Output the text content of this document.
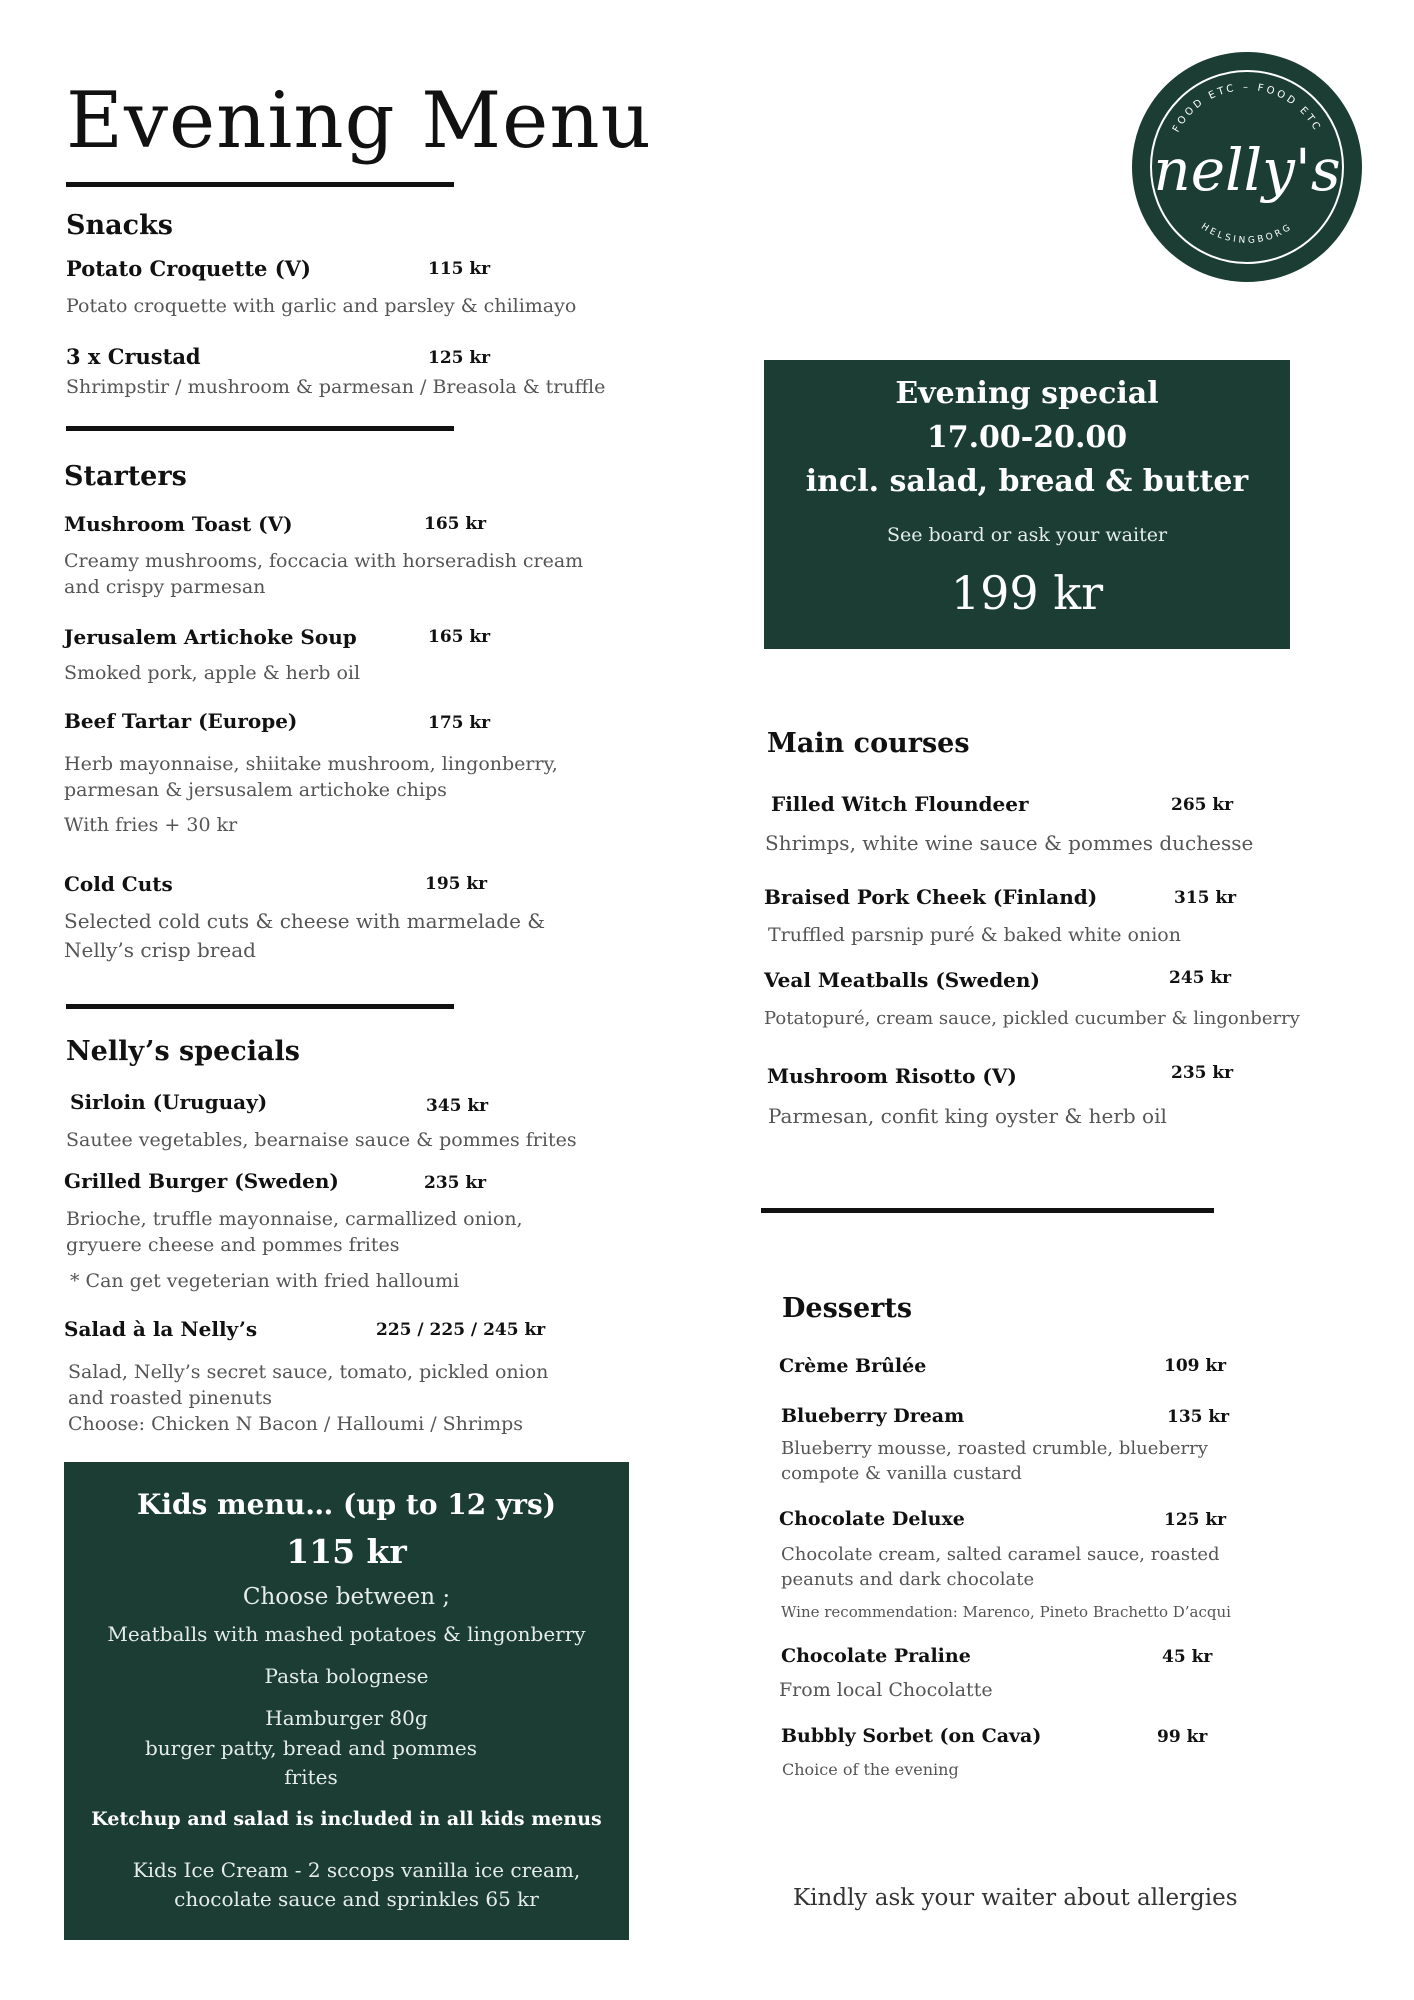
Evening Menu	FOOD ETC – FOOD ETC
HELSINGBORG
nelly's
Snacks
Potato Croquette (V)	115 kr
Potato croquette with garlic and parsley & chilimayo
3 x Crustad	125 kr
Shrimpstir / mushroom & parmesan / Breasola & truffle
Starters
Mushroom Toast (V)	165 kr
Creamy mushrooms, foccacia with horseradish cream and crispy parmesan
Jerusalem Artichoke Soup	165 kr
Smoked pork, apple & herb oil
Beef Tartar (Europe)	175 kr
Herb mayonnaise, shiitake mushroom, lingonberry, parmesan & jersusalem artichoke chips
With fries + 30 kr
Cold Cuts	195 kr
Selected cold cuts & cheese with marmelade & Nelly’s crisp bread
Nelly’s specials
Sirloin (Uruguay)	345 kr
Sautee vegetables, bearnaise sauce & pommes frites
Grilled Burger (Sweden)	235 kr
Brioche, truffle mayonnaise, carmallized onion, gryuere cheese and pommes frites
* Can get vegeterian with fried halloumi
Salad à la Nelly’s	225 / 225 / 245 kr
Salad, Nelly’s secret sauce, tomato, pickled onion and roasted pinenuts
Choose: Chicken N Bacon / Halloumi / Shrimps
Kids menu… (up to 12 yrs)
115 kr
Choose between ;
Meatballs with mashed potatoes & lingonberry
Pasta bolognese
Hamburger 80g
burger patty, bread and pommes frites
Ketchup and salad is included in all kids menus
Kids Ice Cream - 2 sccops vanilla ice cream, chocolate sauce and sprinkles 65 kr
Evening special
17.00-20.00
incl. salad, bread & butter
See board or ask your waiter
199 kr
Main courses
Filled Witch Floundeer	265 kr
Shrimps, white wine sauce & pommes duchesse
Braised Pork Cheek (Finland)	315 kr
Truffled parsnip puré & baked white onion
Veal Meatballs (Sweden)	245 kr
Potatopuré, cream sauce, pickled cucumber & lingonberry
Mushroom Risotto (V)	235 kr
Parmesan, confit king oyster & herb oil
Desserts
Crème Brûlée	109 kr
Blueberry Dream	135 kr
Blueberry mousse, roasted crumble, blueberry compote & vanilla custard
Chocolate Deluxe	125 kr
Chocolate cream, salted caramel sauce, roasted peanuts and dark chocolate
Wine recommendation: Marenco, Pineto Brachetto D’acqui
Chocolate Praline	45 kr
From local Chocolatte
Bubbly Sorbet (on Cava)	99 kr
Choice of the evening
Kindly ask your waiter about allergies
